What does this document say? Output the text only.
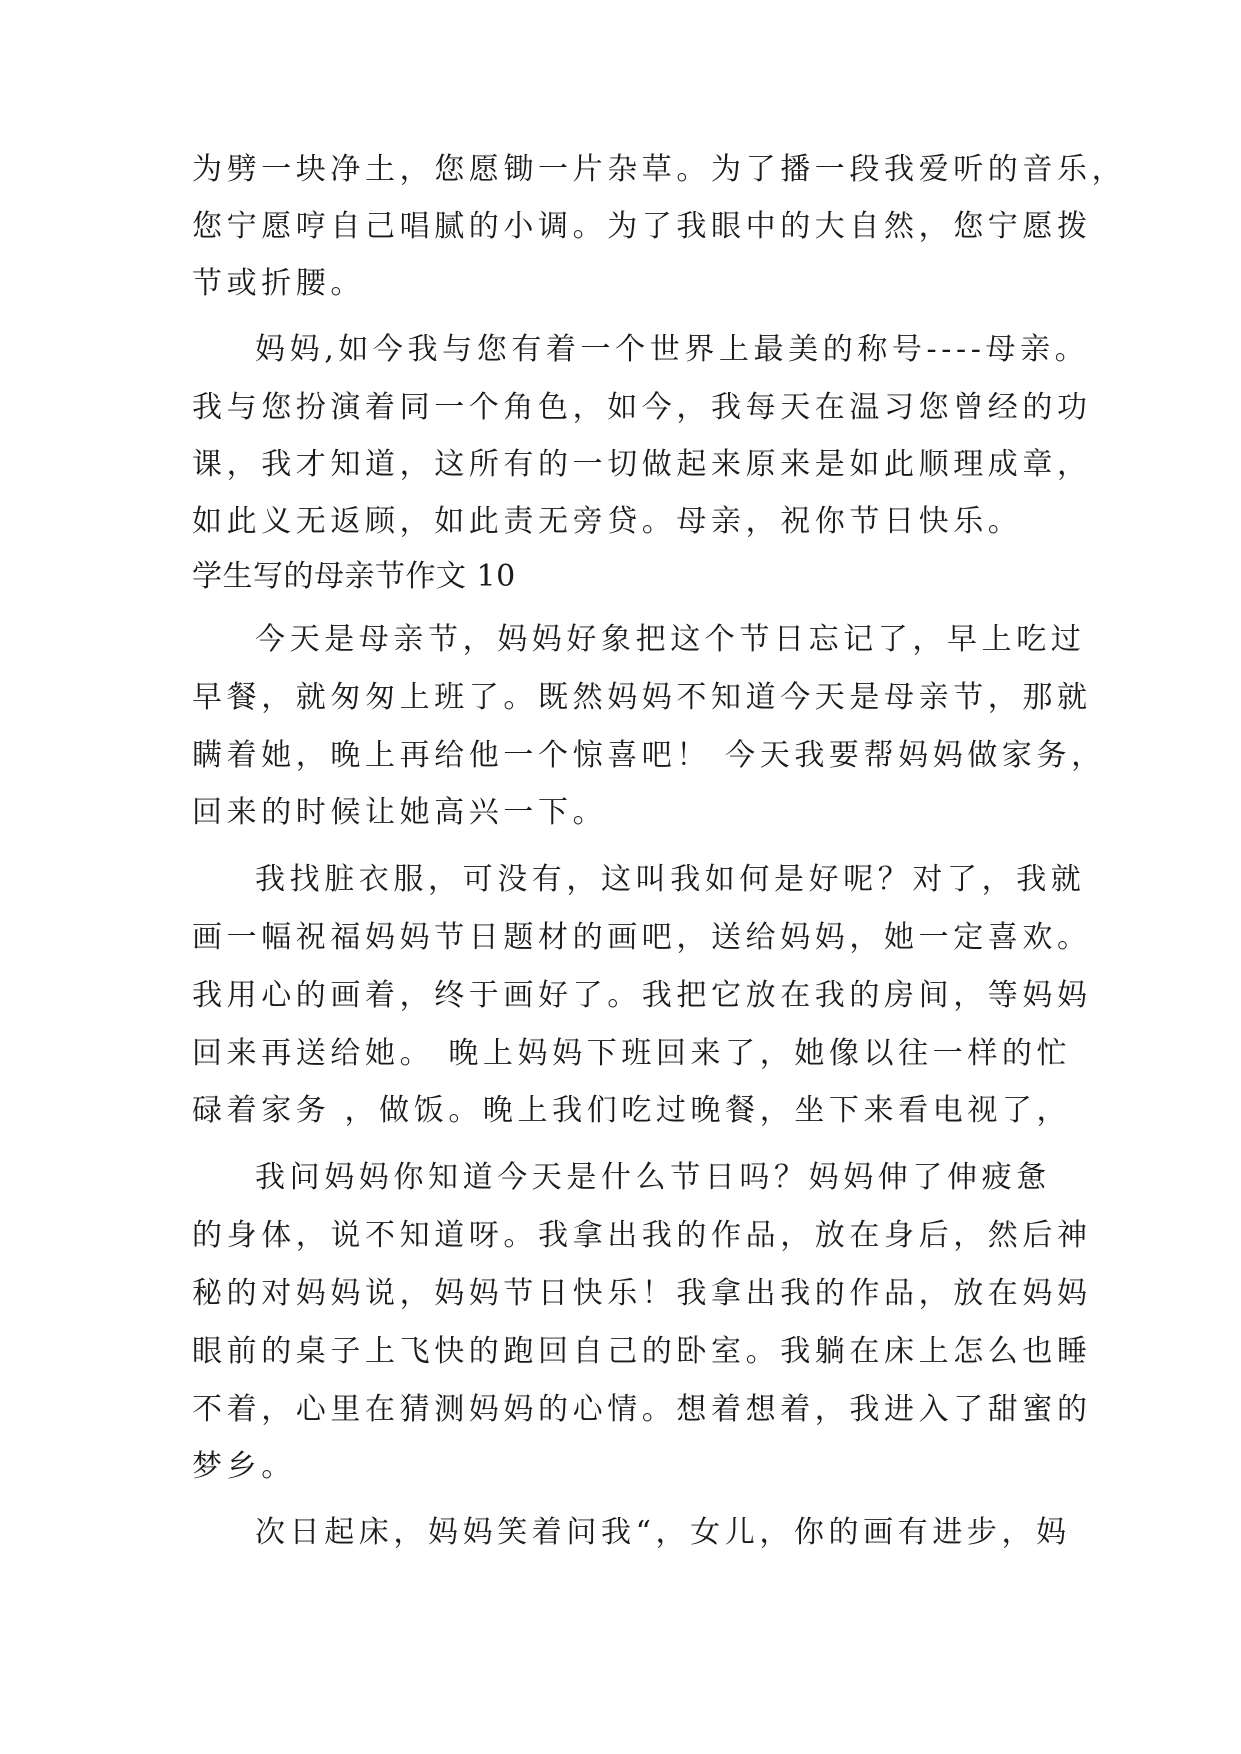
为劈一块净土，您愿锄一片杂草。为了播一段我爱听的音乐，
您宁愿哼自己唱腻的小调。为了我眼中的大自然，您宁愿拨
节或折腰。
妈妈,如今我与您有着一个世界上最美的称号----母亲。
我与您扮演着同一个角色，如今，我每天在温习您曾经的功
课，我才知道，这所有的一切做起来原来是如此顺理成章，
如此义无返顾，如此责无旁贷。母亲，祝你节日快乐。
学生写的母亲节作文 10
今天是母亲节，妈妈好象把这个节日忘记了，早上吃过
早餐，就匆匆上班了。既然妈妈不知道今天是母亲节，那就
瞒着她，晚上再给他一个惊喜吧！ 今天我要帮妈妈做家务，
回来的时候让她高兴一下。
我找脏衣服，可没有，这叫我如何是好呢？对了，我就
画一幅祝福妈妈节日题材的画吧，送给妈妈，她一定喜欢。
我用心的画着，终于画好了。我把它放在我的房间，等妈妈
回来再送给她。 晚上妈妈下班回来了，她像以往一样的忙
碌着家务 ，做饭。晚上我们吃过晚餐，坐下来看电视了，
我问妈妈你知道今天是什么节日吗？妈妈伸了伸疲惫
的身体，说不知道呀。我拿出我的作品，放在身后，然后神
秘的对妈妈说，妈妈节日快乐！我拿出我的作品，放在妈妈
眼前的桌子上飞快的跑回自己的卧室。我躺在床上怎么也睡
不着，心里在猜测妈妈的心情。想着想着，我进入了甜蜜的
梦乡。
次日起床，妈妈笑着问我“，女儿，你的画有进步，妈
